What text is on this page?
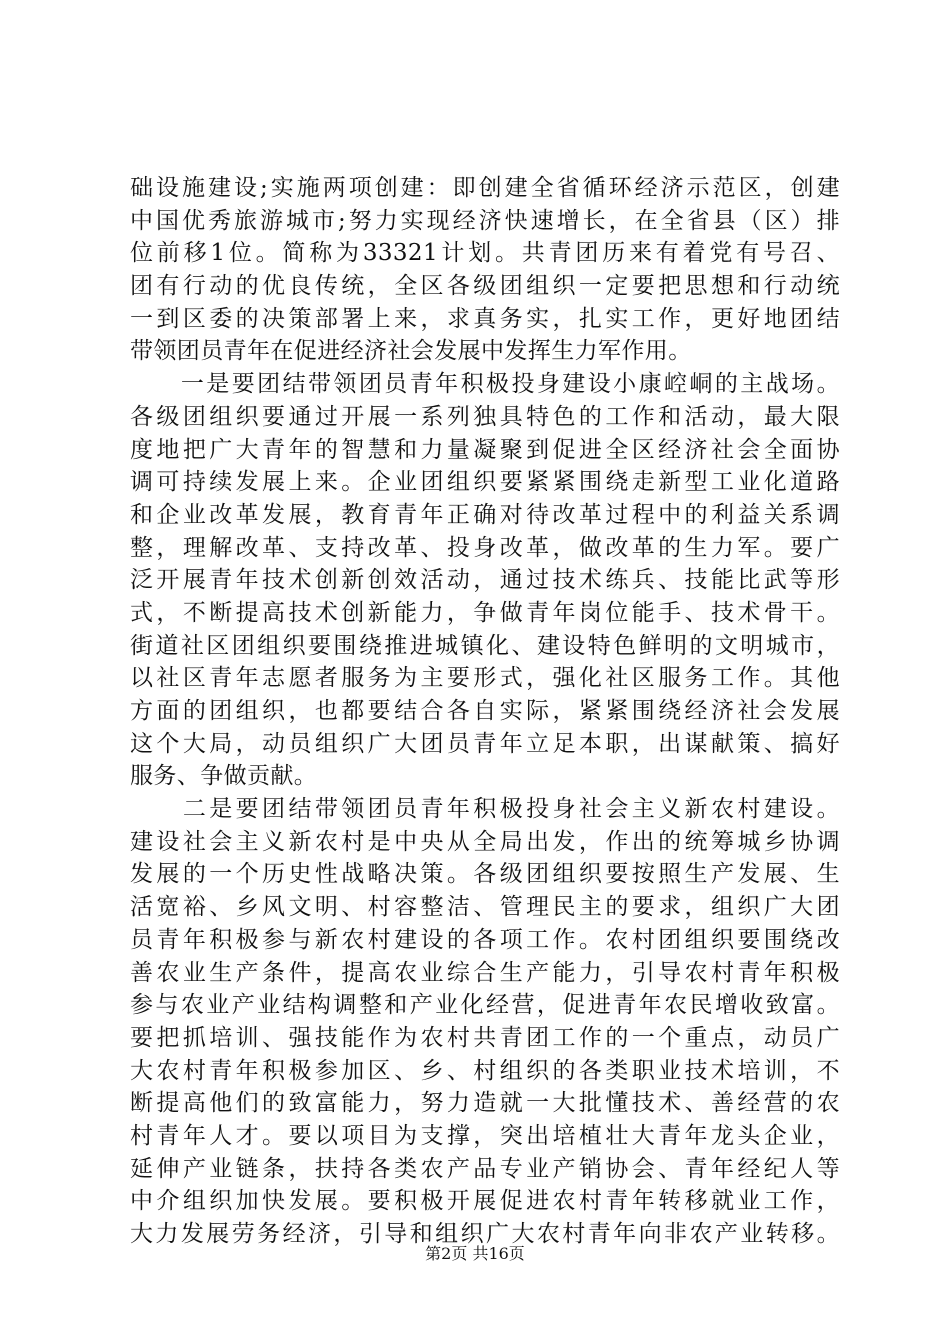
础设施建设;实施两项创建：即创建全省循环经济示范区，创建
中国优秀旅游城市;努力实现经济快速增长，在全省县（区）排
位前移1位。简称为33321计划。共青团历来有着党有号召、
团有行动的优良传统，全区各级团组织一定要把思想和行动统
一到区委的决策部署上来，求真务实，扎实工作，更好地团结
带领团员青年在促进经济社会发展中发挥生力军作用。
　　一是要团结带领团员青年积极投身建设小康崆峒的主战场。
各级团组织要通过开展一系列独具特色的工作和活动，最大限
度地把广大青年的智慧和力量凝聚到促进全区经济社会全面协
调可持续发展上来。企业团组织要紧紧围绕走新型工业化道路
和企业改革发展，教育青年正确对待改革过程中的利益关系调
整，理解改革、支持改革、投身改革，做改革的生力军。要广
泛开展青年技术创新创效活动，通过技术练兵、技能比武等形
式，不断提高技术创新能力，争做青年岗位能手、技术骨干。
街道社区团组织要围绕推进城镇化、建设特色鲜明的文明城市，
以社区青年志愿者服务为主要形式，强化社区服务工作。其他
方面的团组织，也都要结合各自实际，紧紧围绕经济社会发展
这个大局，动员组织广大团员青年立足本职，出谋献策、搞好
服务、争做贡献。
　　二是要团结带领团员青年积极投身社会主义新农村建设。
建设社会主义新农村是中央从全局出发，作出的统筹城乡协调
发展的一个历史性战略决策。各级团组织要按照生产发展、生
活宽裕、乡风文明、村容整洁、管理民主的要求，组织广大团
员青年积极参与新农村建设的各项工作。农村团组织要围绕改
善农业生产条件，提高农业综合生产能力，引导农村青年积极
参与农业产业结构调整和产业化经营，促进青年农民增收致富。
要把抓培训、强技能作为农村共青团工作的一个重点，动员广
大农村青年积极参加区、乡、村组织的各类职业技术培训，不
断提高他们的致富能力，努力造就一大批懂技术、善经营的农
村青年人才。要以项目为支撑，突出培植壮大青年龙头企业，
延伸产业链条，扶持各类农产品专业产销协会、青年经纪人等
中介组织加快发展。要积极开展促进农村青年转移就业工作，
大力发展劳务经济，引导和组织广大农村青年向非农产业转移。
第2页 共16页
